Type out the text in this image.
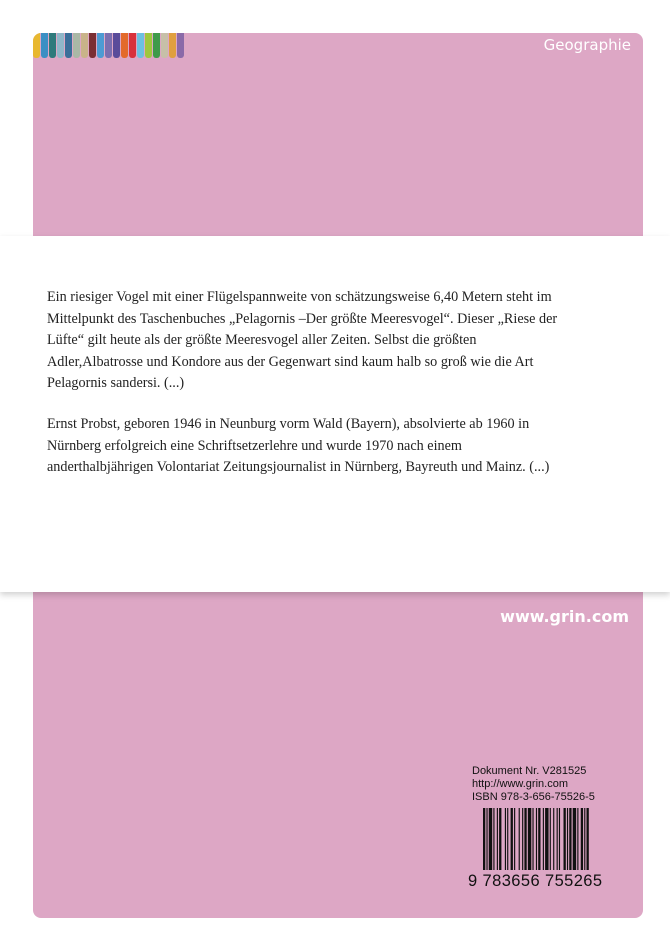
Geographie

Ein riesiger Vogel mit einer Flügelspannweite von schätzungsweise 6,40 Metern steht im Mittelpunkt des Taschenbuches „Pelagornis –Der größte Meeresvogel“. Dieser „Riese der Lüfte“ gilt heute als der größte Meeresvogel aller Zeiten. Selbst die größten Adler,Albatrosse und Kondore aus der Gegenwart sind kaum halb so groß wie die Art Pelagornis sandersi. (...)

Ernst Probst, geboren 1946 in Neunburg vorm Wald (Bayern), absolvierte ab 1960 in Nürnberg erfolgreich eine Schriftsetzerlehre und wurde 1970 nach einem anderthalbjährigen Volontariat Zeitungsjournalist in Nürnberg, Bayreuth und Mainz. (...)

www.grin.com
Dokument Nr. V281525
http://www.grin.com
ISBN 978-3-656-75526-5
9 783656 755265
